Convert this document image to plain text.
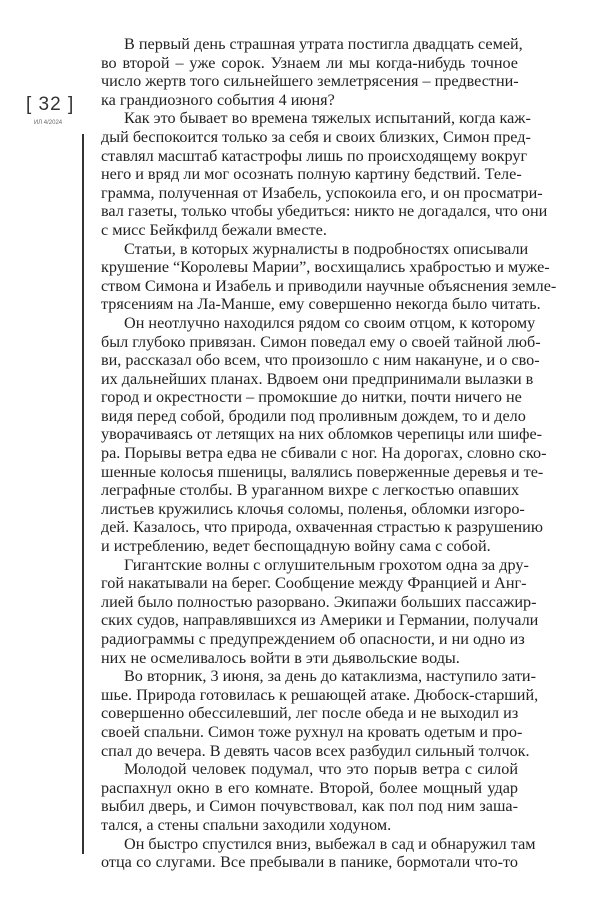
[ 32 ]
ИЛ 4/2024
В первый день страшная утрата постигла двадцать семей,
во второй – уже сорок. Узнаем ли мы когда-нибудь точное
число жертв того сильнейшего землетрясения – предвестни-
ка грандиозного события 4 июня?
Как это бывает во времена тяжелых испытаний, когда каж-
дый беспокоится только за себя и своих близких, Симон пред-
ставлял масштаб катастрофы лишь по происходящему вокруг
него и вряд ли мог осознать полную картину бедствий. Теле-
грамма, полученная от Изабель, успокоила его, и он просматри-
вал газеты, только чтобы убедиться: никто не догадался, что они
с мисс Бейкфилд бежали вместе.
Статьи, в которых журналисты в подробностях описывали
крушение “Королевы Марии”, восхищались храбростью и муже-
ством Симона и Изабель и приводили научные объяснения земле-
трясениям на Ла-Манше, ему совершенно некогда было читать.
Он неотлучно находился рядом со своим отцом, к которому
был глубоко привязан. Симон поведал ему о своей тайной люб-
ви, рассказал обо всем, что произошло с ним накануне, и о сво-
их дальнейших планах. Вдвоем они предпринимали вылазки в
город и окрестности – промокшие до нитки, почти ничего не
видя перед собой, бродили под проливным дождем, то и дело
уворачиваясь от летящих на них обломков черепицы или шифе-
ра. Порывы ветра едва не сбивали с ног. На дорогах, словно ско-
шенные колосья пшеницы, валялись поверженные деревья и те-
леграфные столбы. В ураганном вихре с легкостью опавших
листьев кружились клочья соломы, поленья, обломки изгоро-
дей. Казалось, что природа, охваченная страстью к разрушению
и истреблению, ведет беспощадную войну сама с собой.
Гигантские волны с оглушительным грохотом одна за дру-
гой накатывали на берег. Сообщение между Францией и Анг-
лией было полностью разорвано. Экипажи больших пассажир-
ских судов, направлявшихся из Америки и Германии, получали
радиограммы с предупреждением об опасности, и ни одно из
них не осмеливалось войти в эти дьявольские воды.
Во вторник, 3 июня, за день до катаклизма, наступило зати-
шье. Природа готовилась к решающей атаке. Дюбоск-старший,
совершенно обессилевший, лег после обеда и не выходил из
своей спальни. Симон тоже рухнул на кровать одетым и про-
спал до вечера. В девять часов всех разбудил сильный толчок.
Молодой человек подумал, что это порыв ветра с силой
распахнул окно в его комнате. Второй, более мощный удар
выбил дверь, и Симон почувствовал, как пол под ним зашa-
тался, а стены спальни заходили ходуном.
Он быстро спустился вниз, выбежал в сад и обнаружил там
отца со слугами. Все пребывали в панике, бормотали что-то
